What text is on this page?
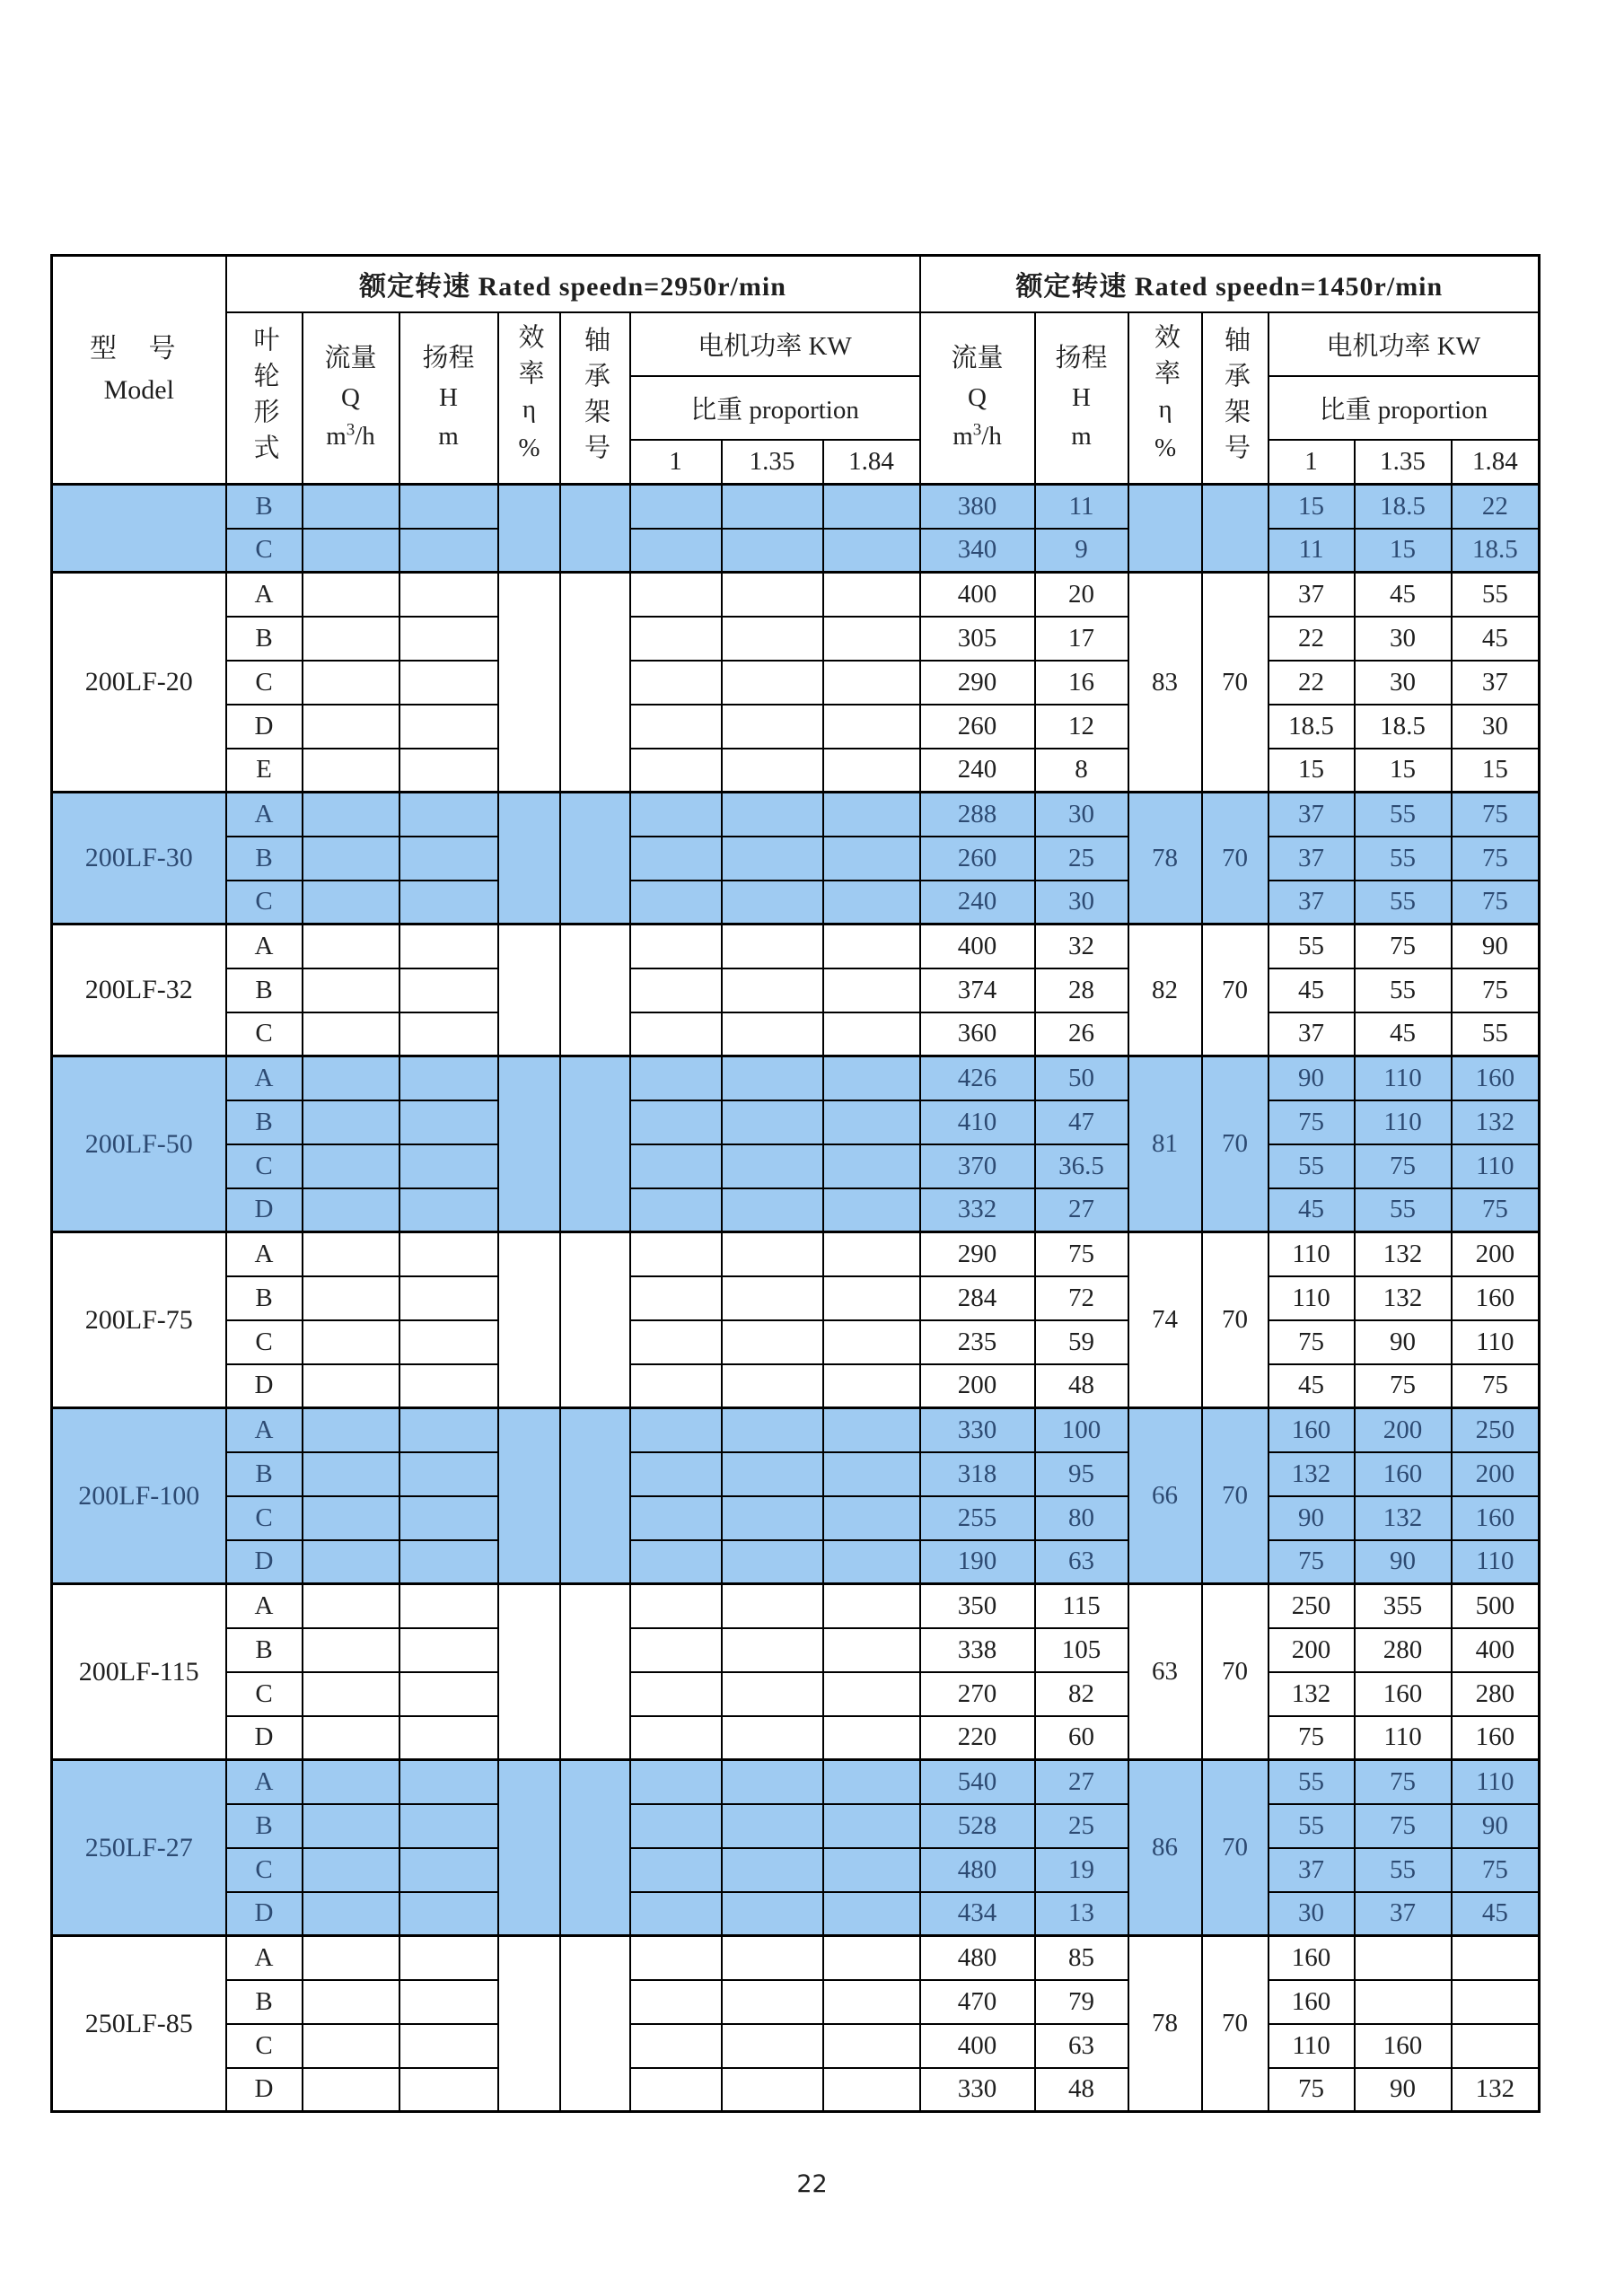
型 号
Model	额定转速 Rated speedn=2950r/min								额定转速 Rated speedn=1450r/min						
叶轮形式	流量
Q
$m^3/h$

扬程
H
m	效率η%	轴承架号	电机功率 KW	流量
Q
$m^3/h$

扬程
H
m	效率η%	轴承架号	电机功率 KW
						比重 proportion							比重 proportion		
						1	1.35	1.84					1	1.35	1.84
	B								380	11			15	18.5	22
	C								340	9			11	15	18.5
200LF-20	A								400	20	83	70	37	45	55
	B								305	17			22	30	45
	C								290	16			22	30	37
	D								260	12			18.5	18.5	30
	E								240	8			15	15	15
200LF-30	A								288	30	78	70	37	55	75
	B								260	25			37	55	75
	C								240	30			37	55	75
200LF-32	A								400	32	82	70	55	75	90
	B								374	28			45	55	75
	C								360	26			37	45	55
200LF-50	A								426	50	81	70	90	110	160
	B								410	47			75	110	132
	C								370	36.5			55	75	110
	D								332	27			45	55	75
200LF-75	A								290	75	74	70	110	132	200
	B								284	72			110	132	160
	C								235	59			75	90	110
	D								200	48			45	75	75
200LF-100	A								330	100	66	70	160	200	250
	B								318	95			132	160	200
	C								255	80			90	132	160
	D								190	63			75	90	110
200LF-115	A								350	115	63	70	250	355	500
	B								338	105			200	280	400
	C								270	82			132	160	280
	D								220	60			75	110	160
250LF-27	A								540	27	86	70	55	75	110
	B								528	25			55	75	90
	C								480	19			37	55	75
	D								434	13			30	37	45
250LF-85	A								480	85	78	70	160		
	B								470	79			160		
	C								400	63			110	160	
	D								330	48			75	90	132
22
